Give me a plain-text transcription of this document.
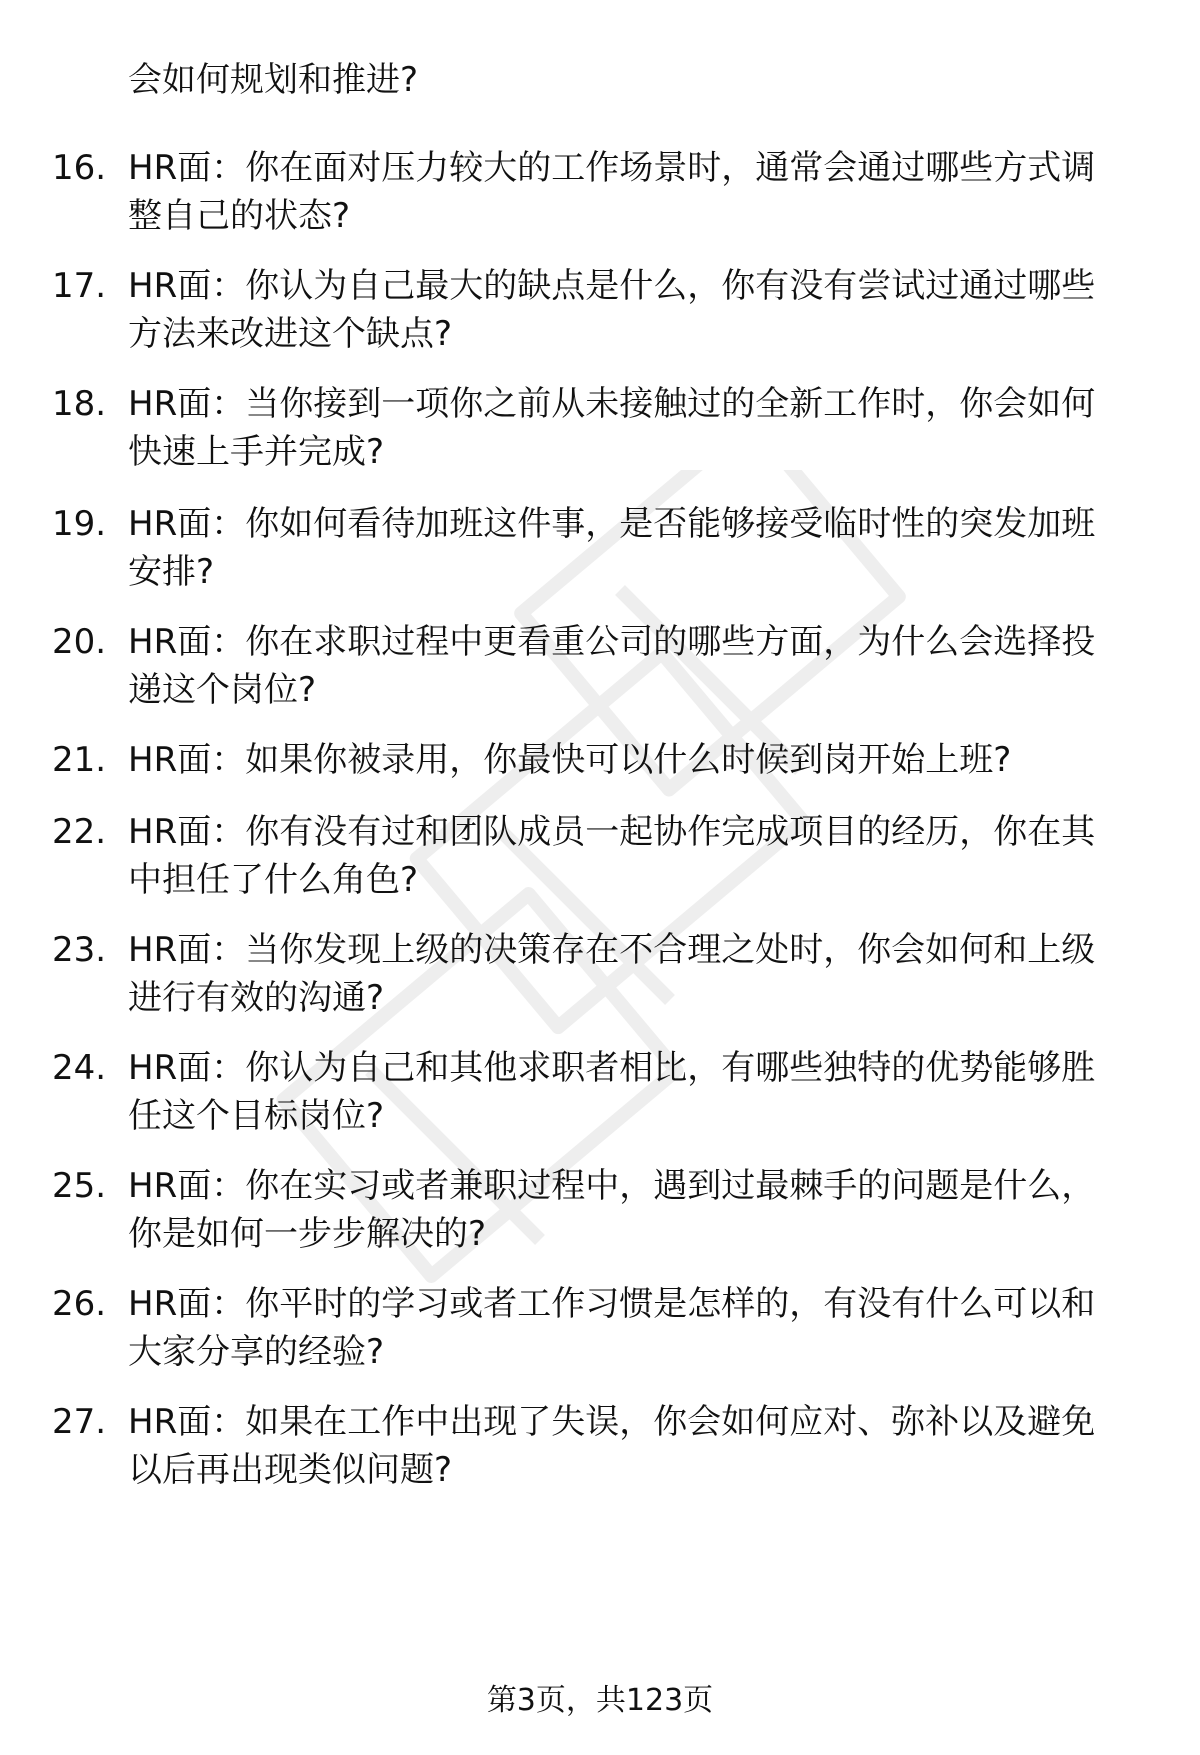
会如何规划和推进?
16. HR面：你在面对压力较大的工作场景时，通常会通过哪些方式调
整自己的状态?
17. HR面：你认为自己最大的缺点是什么，你有没有尝试过通过哪些
方法来改进这个缺点?
18. HR面：当你接到一项你之前从未接触过的全新工作时，你会如何
快速上手并完成?
19. HR面：你如何看待加班这件事，是否能够接受临时性的突发加班
安排?
20. HR面：你在求职过程中更看重公司的哪些方面，为什么会选择投
递这个岗位?
21. HR面：如果你被录用，你最快可以什么时候到岗开始上班?
22. HR面：你有没有过和团队成员一起协作完成项目的经历，你在其
中担任了什么角色?
23. HR面：当你发现上级的决策存在不合理之处时，你会如何和上级
进行有效的沟通?
24. HR面：你认为自己和其他求职者相比，有哪些独特的优势能够胜
任这个目标岗位?
25. HR面：你在实习或者兼职过程中，遇到过最棘手的问题是什么，
你是如何一步步解决的?
26. HR面：你平时的学习或者工作习惯是怎样的，有没有什么可以和
大家分享的经验?
27. HR面：如果在工作中出现了失误，你会如何应对、弥补以及避免
以后再出现类似问题?
第3页，共123页
